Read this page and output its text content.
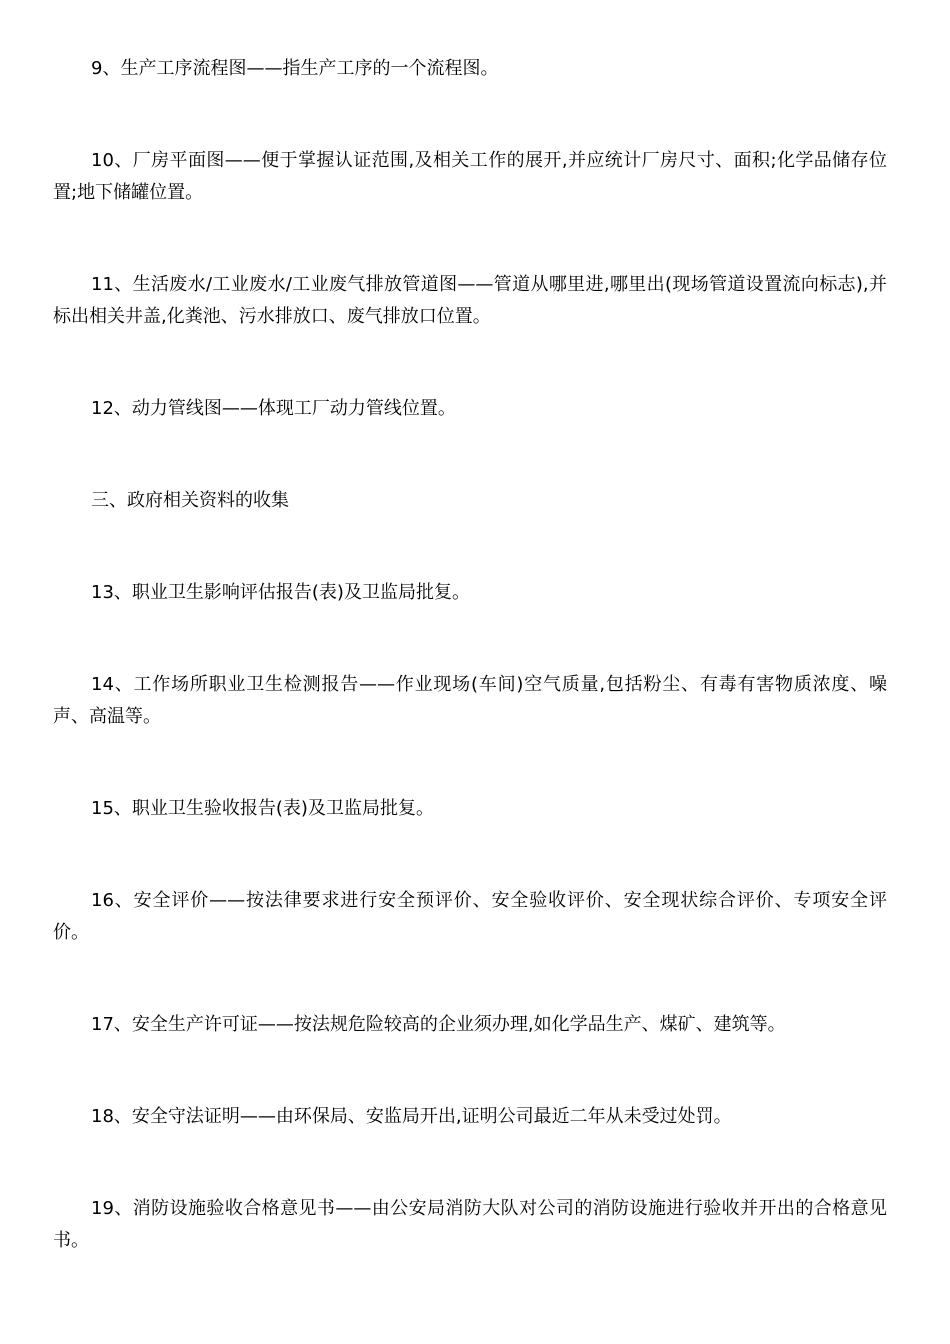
9、生产工序流程图——指生产工序的一个流程图。

10、厂房平面图——便于掌握认证范围,及相关工作的展开,并应统计厂房尺寸、面积;化学品储存位置;地下储罐位置。

11、生活废水/工业废水/工业废气排放管道图——管道从哪里进,哪里出(现场管道设置流向标志),并标出相关井盖,化粪池、污水排放口、废气排放口位置。

12、动力管线图——体现工厂动力管线位置。

三、政府相关资料的收集

13、职业卫生影响评估报告(表)及卫监局批复。

14、工作场所职业卫生检测报告——作业现场(车间)空气质量,包括粉尘、有毒有害物质浓度、噪声、高温等。

15、职业卫生验收报告(表)及卫监局批复。

16、安全评价——按法律要求进行安全预评价、安全验收评价、安全现状综合评价、专项安全评价。

17、安全生产许可证——按法规危险较高的企业须办理,如化学品生产、煤矿、建筑等。

18、安全守法证明——由环保局、安监局开出,证明公司最近二年从未受过处罚。

19、消防设施验收合格意见书——由公安局消防大队对公司的消防设施进行验收并开出的合格意见书。
